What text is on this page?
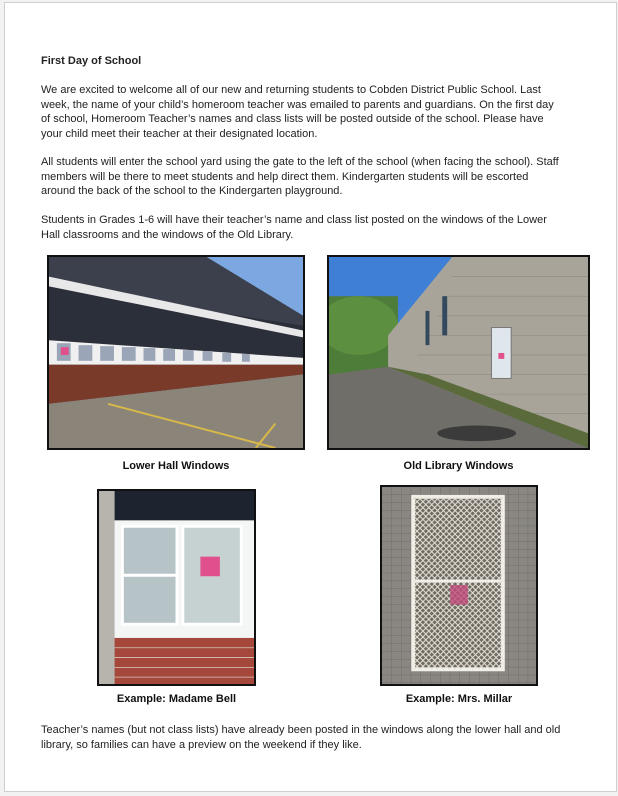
First Day of School
We are excited to welcome all of our new and returning students to Cobden District Public School. Last week, the name of your child’s homeroom teacher was emailed to parents and guardians. On the first day of school, Homeroom Teacher’s names and class lists will be posted outside of the school. Please have your child meet their teacher at their designated location.
All students will enter the school yard using the gate to the left of the school (when facing the school). Staff members will be there to meet students and help direct them. Kindergarten students will be escorted around the back of the school to the Kindergarten playground.
Students in Grades 1-6 will have their teacher’s name and class list posted on the windows of the Lower Hall classrooms and the windows of the Old Library.
Lower Hall Windows	Old Library Windows
Example: Madame Bell	Example: Mrs. Millar
Teacher’s names (but not class lists) have already been posted in the windows along the lower hall and old library, so families can have a preview on the weekend if they like.
